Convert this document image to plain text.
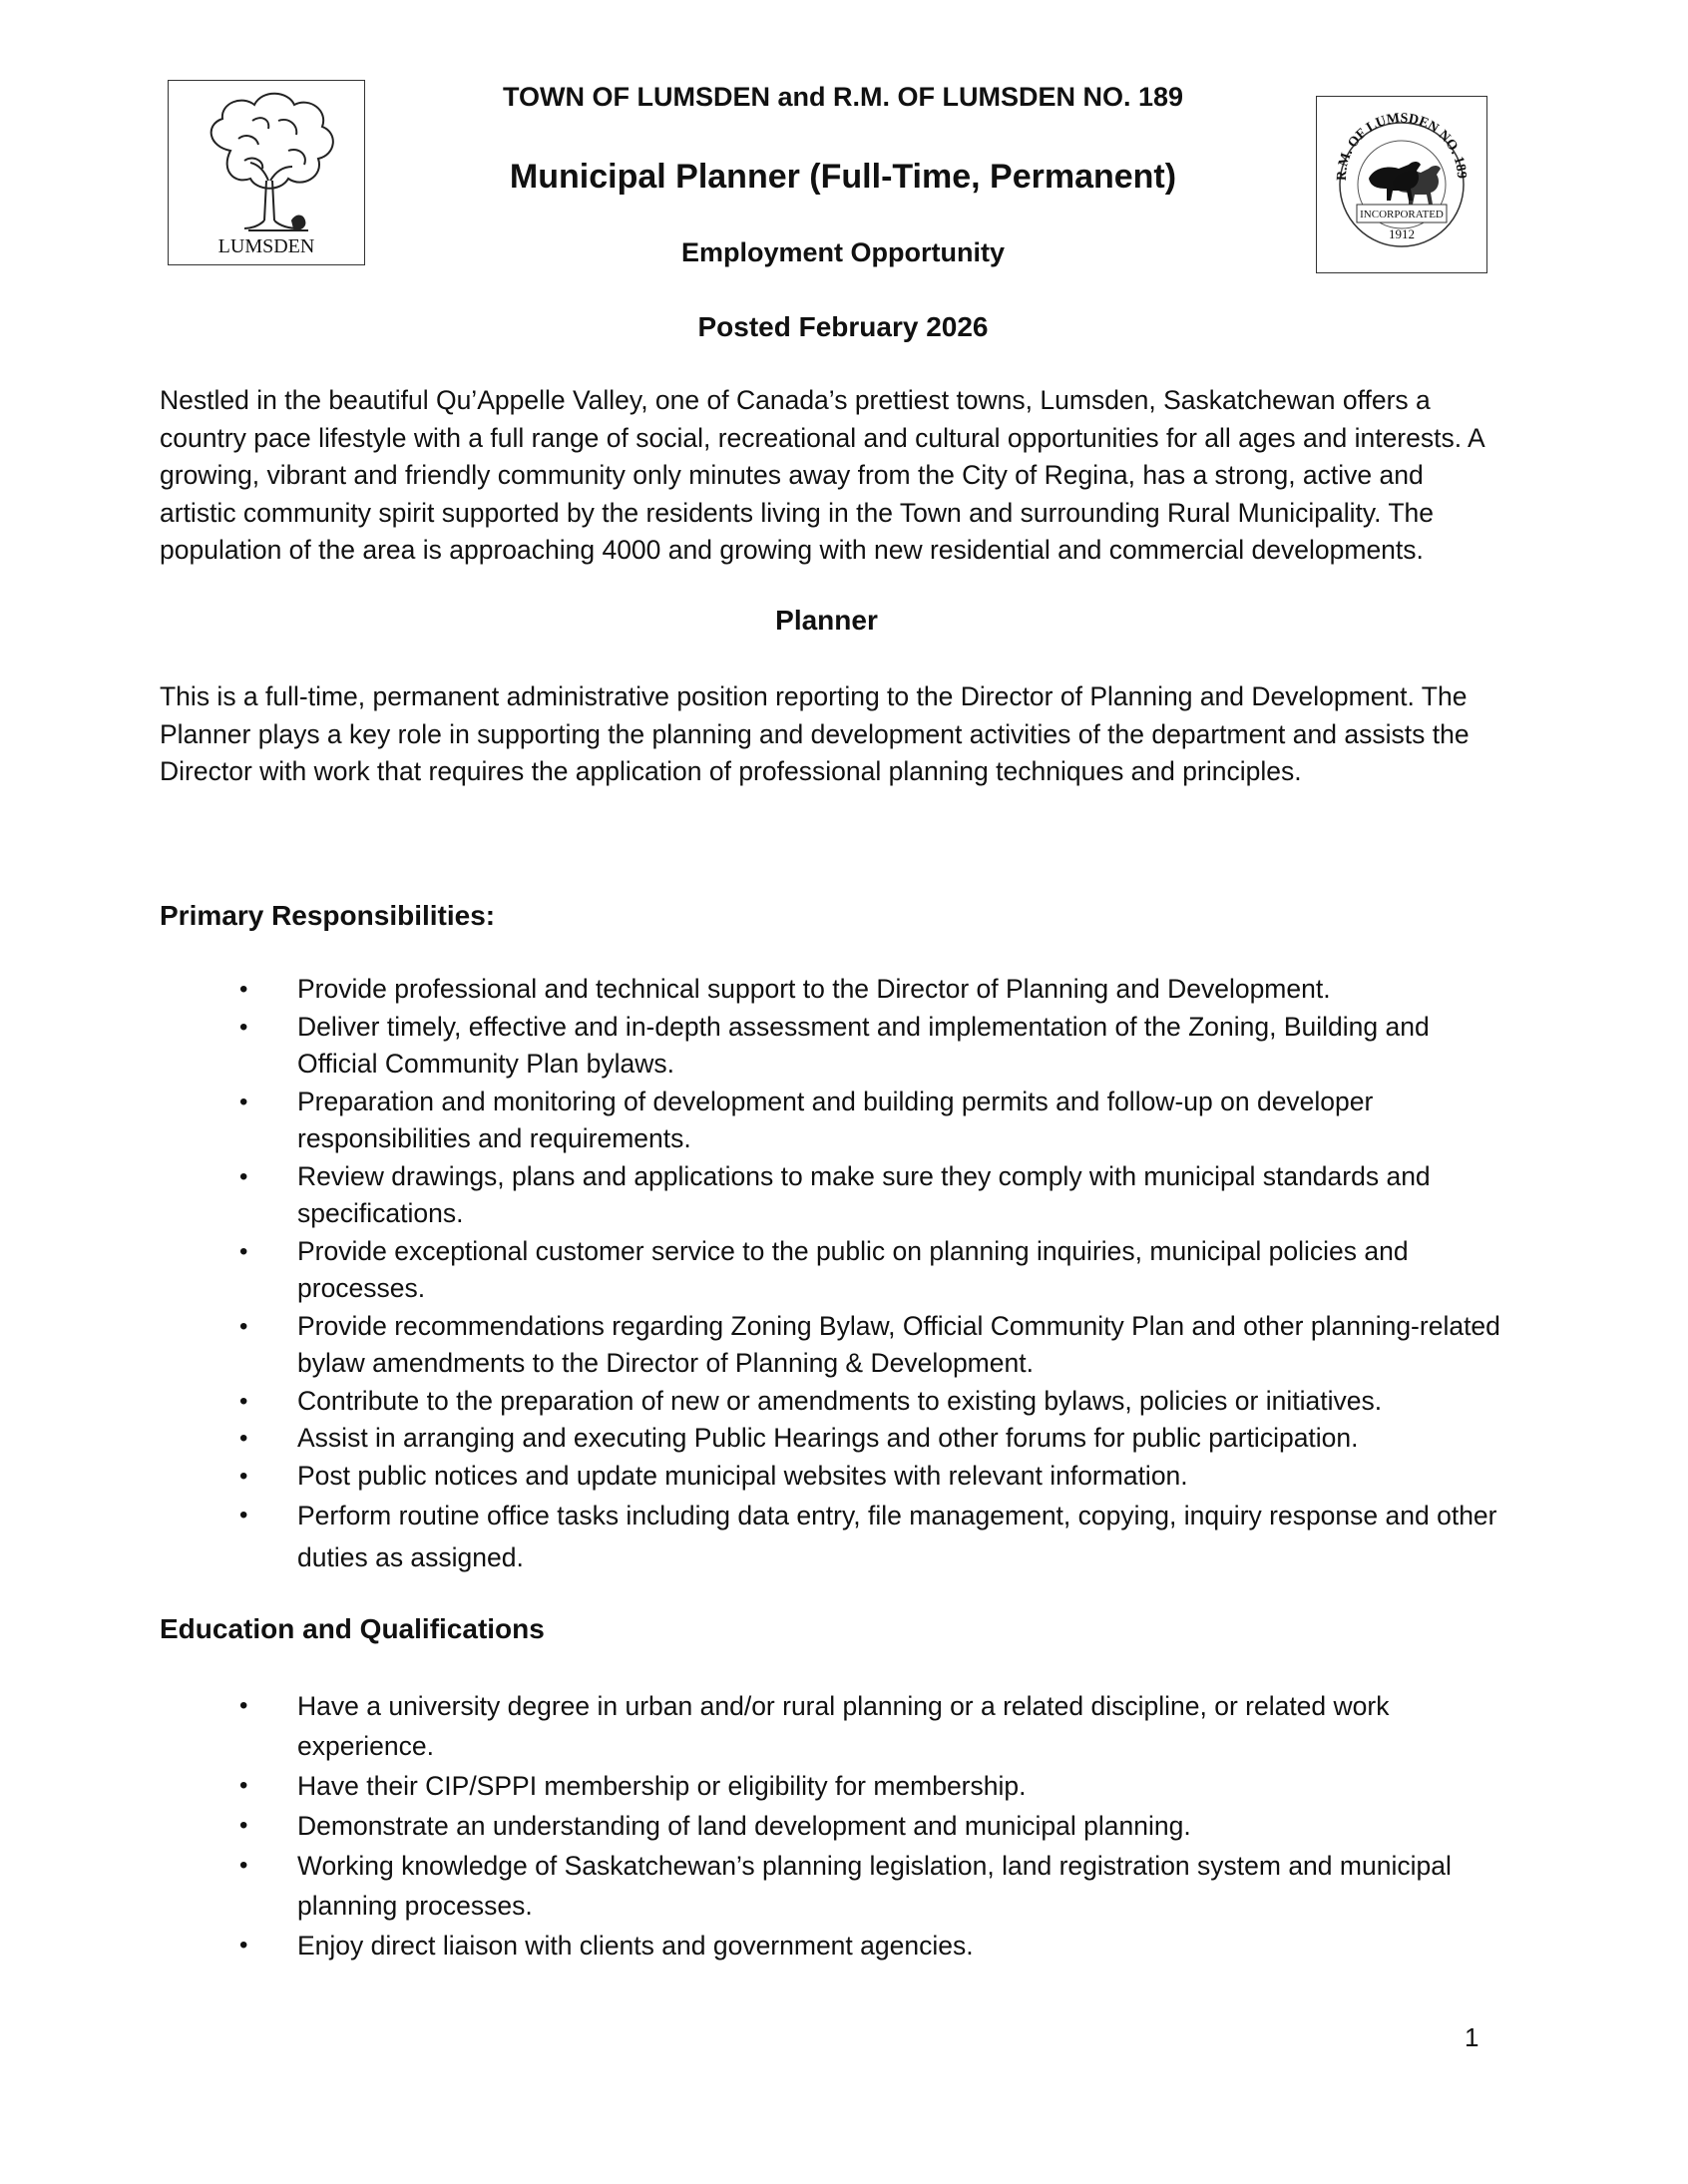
LUMSDEN
R.M. OF LUMSDEN NO. 189
INCORPORATED
1912
TOWN OF LUMSDEN and R.M. OF LUMSDEN NO. 189
Municipal Planner (Full-Time, Permanent)
Employment Opportunity
Posted February 2026

Nestled in the beautiful Qu’Appelle Valley, one of Canada’s prettiest towns, Lumsden, Saskatchewan offers a country pace lifestyle with a full range of social, recreational and cultural opportunities for all ages and interests. A growing, vibrant and friendly community only minutes away from the City of Regina, has a strong, active and artistic community spirit supported by the residents living in the Town and surrounding Rural Municipality. The population of the area is approaching 4000 and growing with new residential and commercial developments.

Planner

This is a full-time, permanent administrative position reporting to the Director of Planning and Development. The Planner plays a key role in supporting the planning and development activities of the department and assists the Director with work that requires the application of professional planning techniques and principles.

Primary Responsibilities:
• Provide professional and technical support to the Director of Planning and Development.
• Deliver timely, effective and in-depth assessment and implementation of the Zoning, Building and Official Community Plan bylaws.
• Preparation and monitoring of development and building permits and follow-up on developer responsibilities and requirements.
• Review drawings, plans and applications to make sure they comply with municipal standards and specifications.
• Provide exceptional customer service to the public on planning inquiries, municipal policies and processes.
• Provide recommendations regarding Zoning Bylaw, Official Community Plan and other planning-related bylaw amendments to the Director of Planning & Development.
• Contribute to the preparation of new or amendments to existing bylaws, policies or initiatives.
• Assist in arranging and executing Public Hearings and other forums for public participation.
• Post public notices and update municipal websites with relevant information.
• Perform routine office tasks including data entry, file management, copying, inquiry response and other duties as assigned.
Education and Qualifications
• Have a university degree in urban and/or rural planning or a related discipline, or related work experience.
• Have their CIP/SPPI membership or eligibility for membership.
• Demonstrate an understanding of land development and municipal planning.
• Working knowledge of Saskatchewan’s planning legislation, land registration system and municipal planning processes.
• Enjoy direct liaison with clients and government agencies.
1
